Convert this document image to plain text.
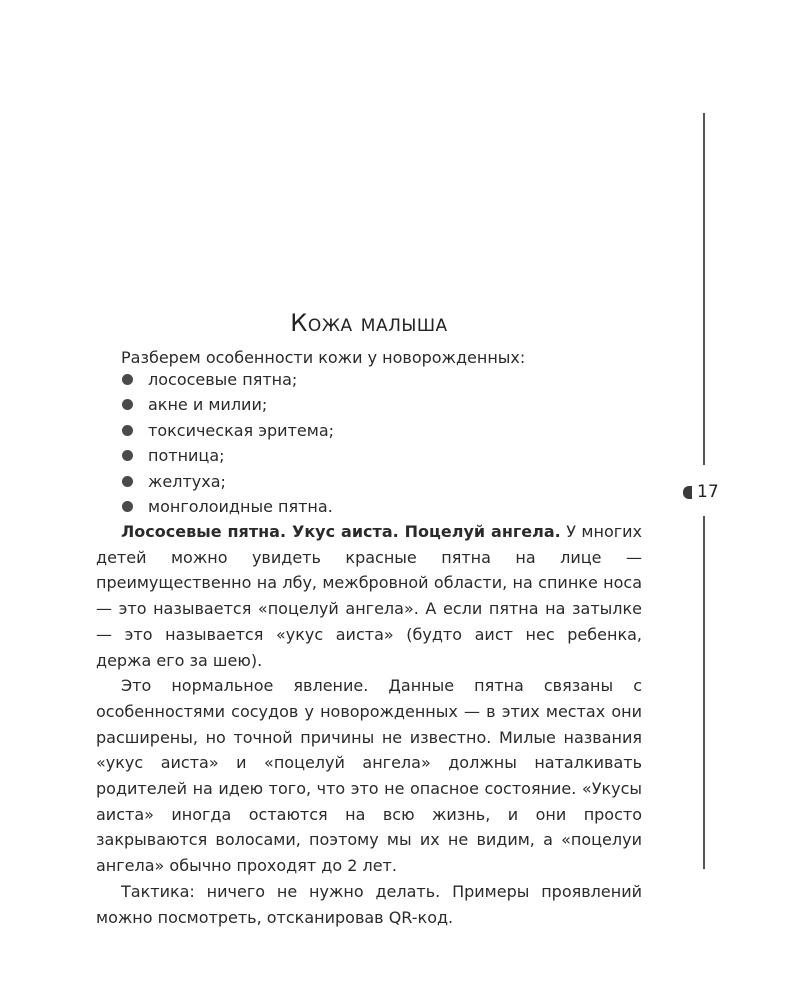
Кожа малыша
Разберем особенности кожи у новорожденных:
лососевые пятна;
акне и милии;
токсическая эритема;
потница;
желтуха;
монголоидные пятна.

Лососевые пятна. Укус аиста. Поцелуй ангела. У многих детей можно увидеть красные пятна на лице — преимущественно на лбу, межбровной области, на спинке носа — это называется «поцелуй ангела». А если пятна на затылке — это называется «укус аиста» (будто аист нес ребенка, держа его за шею).

Это нормальное явление. Данные пятна связаны с особенностями сосудов у новорожденных — в этих местах они расширены, но точной причины не известно. Милые названия «укус аиста» и «поцелуй ангела» должны наталкивать родителей на идею того, что это не опасное состояние. «Укусы аиста» иногда остаются на всю жизнь, и они просто закрываются волосами, поэтому мы их не видим, а «поцелуи ангела» обычно проходят до 2 лет.

Тактика: ничего не нужно делать. Примеры проявлений можно посмотреть, отсканировав QR-код.

17
